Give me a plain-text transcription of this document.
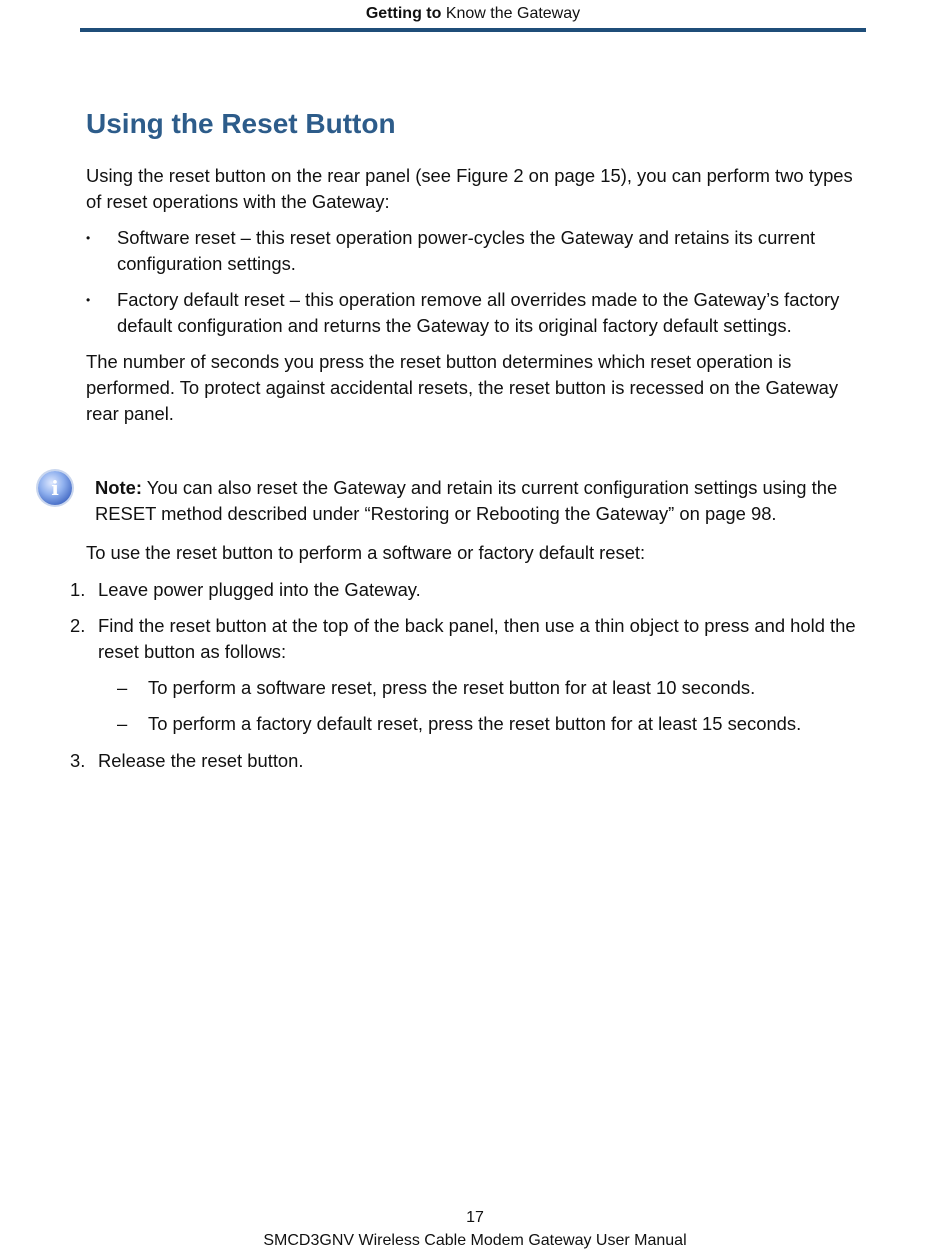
Getting to Know the Gateway
Using the Reset Button

Using the reset button on the rear panel (see Figure 2 on page 15), you can perform two types of reset operations with the Gateway:

•	Software reset – this reset operation power-cycles the Gateway and retains its current configuration settings.
•	Factory default reset – this operation remove all overrides made to the Gateway’s factory default configuration and returns the Gateway to its original factory default settings.

The number of seconds you press the reset button determines which reset operation is performed. To protect against accidental resets, the reset button is recessed on the Gateway rear panel.

i	Note: You can also reset the Gateway and retain its current configuration settings using the RESET method described under “Restoring or Rebooting the Gateway” on page 98.

To use the reset button to perform a software or factory default reset:

1. Leave power plugged into the Gateway.
2. Find the reset button at the top of the back panel, then use a thin object to press and hold the reset button as follows:
– To perform a software reset, press the reset button for at least 10 seconds.
– To perform a factory default reset, press the reset button for at least 15 seconds.
3. Release the reset button.
17
SMCD3GNV Wireless Cable Modem Gateway User Manual
